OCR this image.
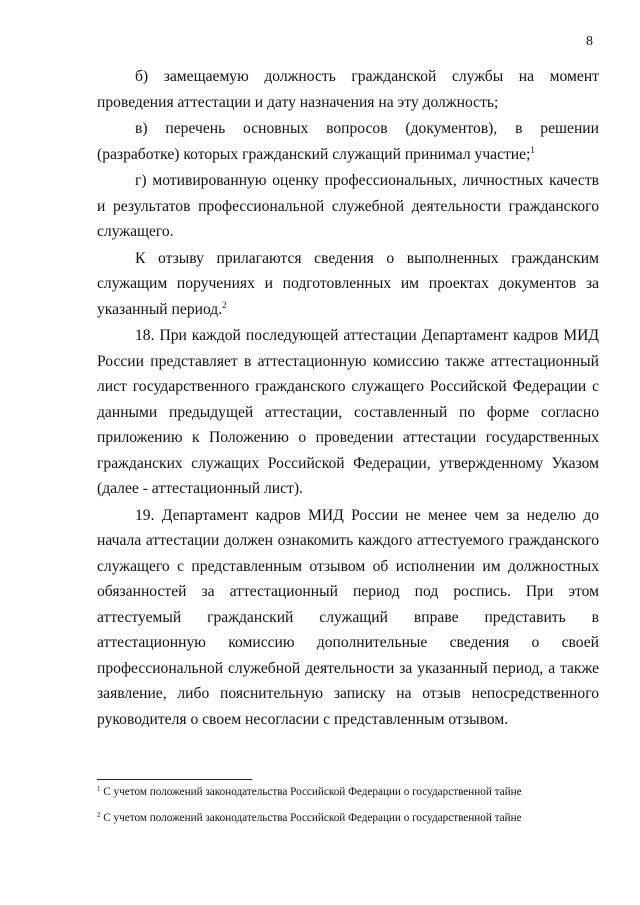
8

б) замещаемую должность гражданской службы на момент проведения аттестации и дату назначения на эту должность;

в) перечень основных вопросов (документов), в решении (разработке) которых гражданский служащий принимал участие;$^1$

г) мотивированную оценку профессиональных, личностных качеств и результатов профессиональной служебной деятельности гражданского служащего.

К отзыву прилагаются сведения о выполненных гражданским служащим поручениях и подготовленных им проектах документов за указанный период.$^2$

18. При каждой последующей аттестации Департамент кадров МИД России представляет в аттестационную комиссию также аттестационный лист государственного гражданского служащего Российской Федерации с данными предыдущей аттестации, составленный по форме согласно приложению к Положению о проведении аттестации государственных гражданских служащих Российской Федерации, утвержденному Указом (далее - аттестационный лист).

19. Департамент кадров МИД России не менее чем за неделю до начала аттестации должен ознакомить каждого аттестуемого гражданского служащего с представленным отзывом об исполнении им должностных обязанностей за аттестационный период под роспись. При этом аттестуемый гражданский служащий вправе представить в аттестационную комиссию дополнительные сведения о своей профессиональной служебной деятельности за указанный период, а также заявление, либо пояснительную записку на отзыв непосредственного руководителя о своем несогласии с представленным отзывом.

$^1$ С учетом положений законодательства Российской Федерации о государственной тайне
$^2$ С учетом положений законодательства Российской Федерации о государственной тайне
